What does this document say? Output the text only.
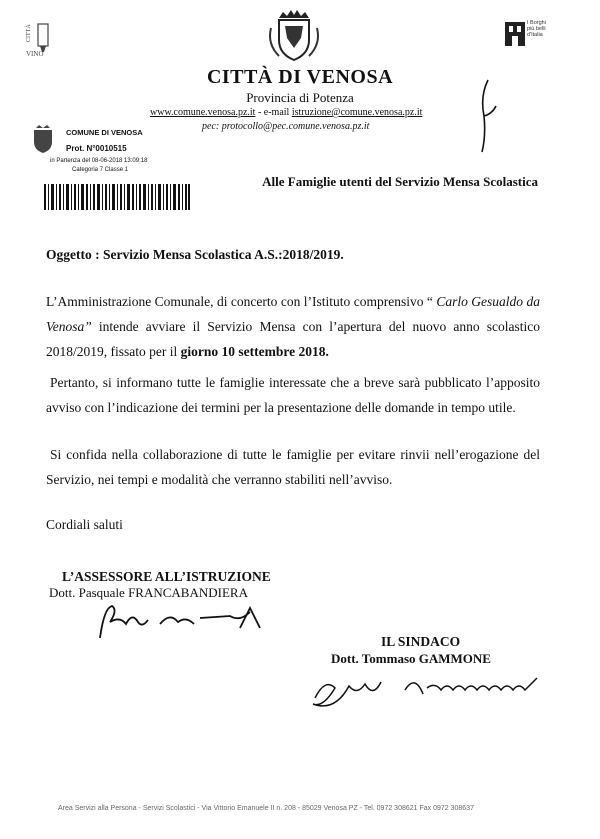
CITTÀ
VINO
I Borghi più belli d'Italia
CITTÀ DI VENOSA
Provincia di Potenza
www.comune.venosa.pz.it - e-mail istruzione@comune.venosa.pz.it
pec: protocollo@pec.comune.venosa.pz.it
COMUNE DI VENOSA
Prot. N°0010515
in Partenza del 08-06-2018 13:09:18
Categoria 7 Classe 1
Alle Famiglie utenti del Servizio Mensa Scolastica
Oggetto : Servizio Mensa Scolastica A.S.:2018/2019.
L’Amministrazione Comunale, di concerto con l’Istituto comprensivo “ Carlo Gesualdo da Venosa” intende avviare il Servizio Mensa con l’apertura del nuovo anno scolastico 2018/2019, fissato per il giorno 10 settembre 2018.
Pertanto, si informano tutte le famiglie interessate che a breve sarà pubblicato l’apposito avviso con l’indicazione dei termini per la presentazione delle domande in tempo utile.
Si confida nella collaborazione di tutte le famiglie per evitare rinvii nell’erogazione del Servizio, nei tempi e modalità che verranno stabiliti nell’avviso.
Cordiali saluti
L’ASSESSORE ALL’ISTRUZIONE
Dott. Pasquale FRANCABANDIERA
IL SINDACO
Dott. Tommaso GAMMONE
Area Servizi alla Persona - Servizi Scolastici - Via Vittorio Emanuele II n. 208 - 85029 Venosa PZ - Tel. 0972 308621 Fax 0972 308637
